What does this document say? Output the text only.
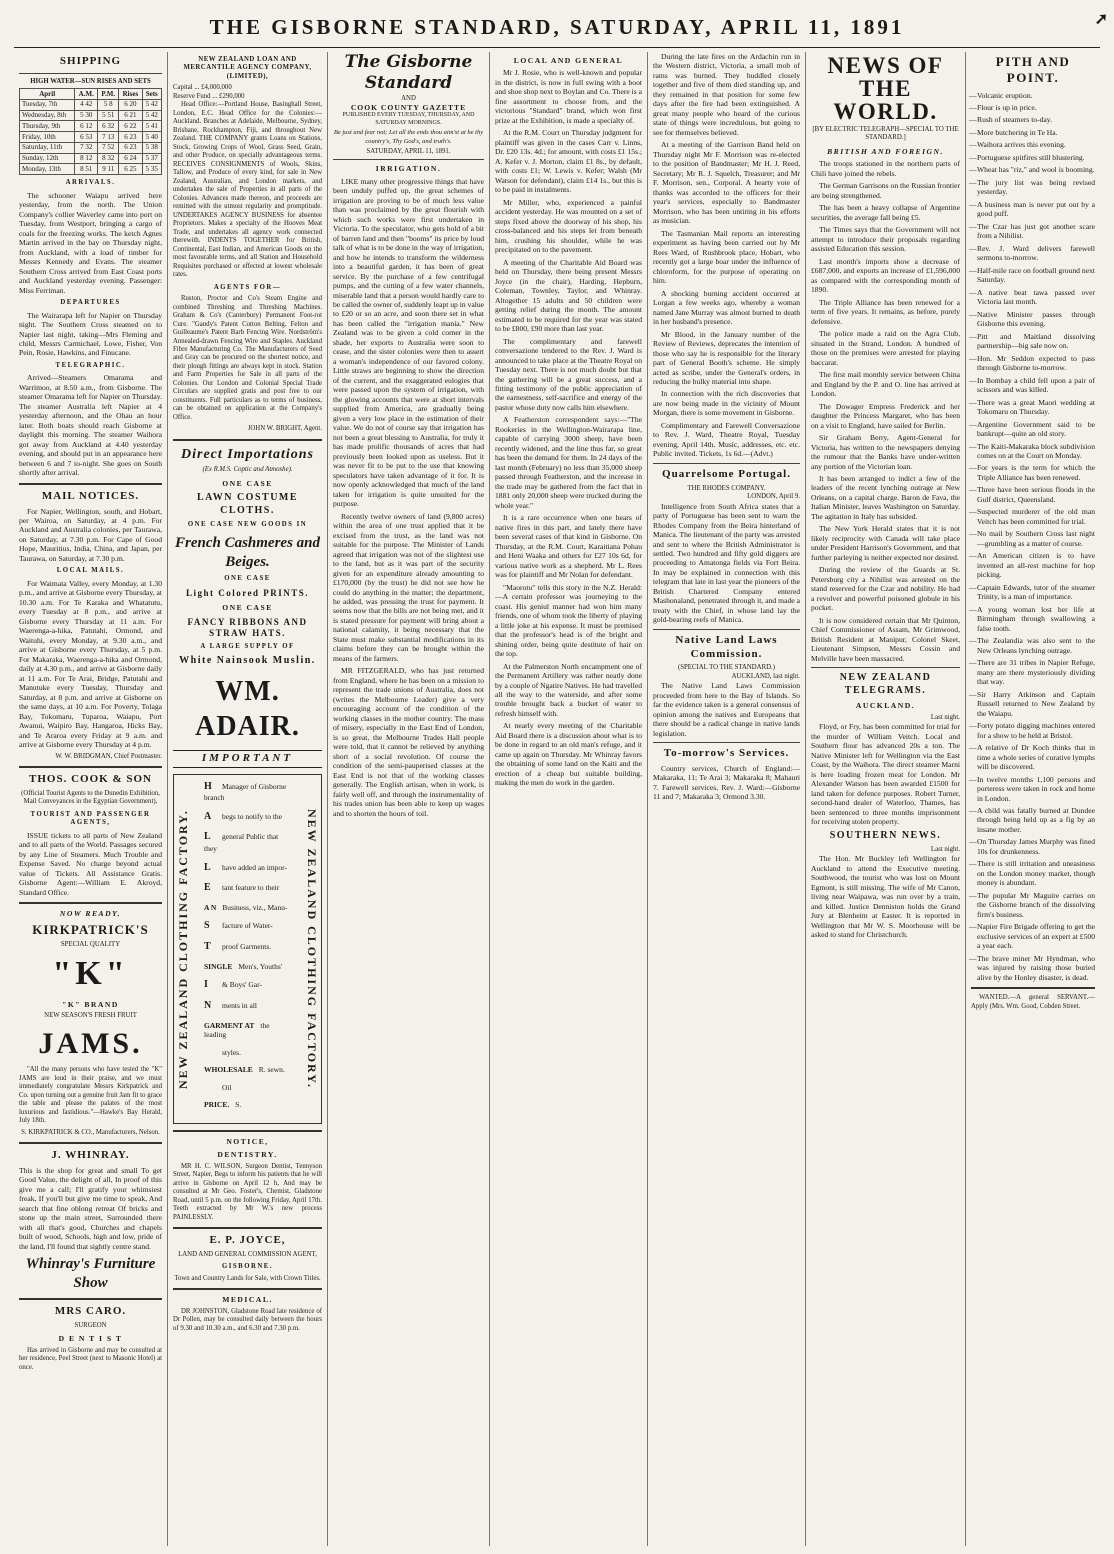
THE GISBORNE STANDARD, SATURDAY, APRIL 11, 1891	➚
SHIPPING
HIGH WATER—SUN RISES AND SETS
April	A.M.	P.M.	Rises	Sets
Tuesday, 7th	4 42	5 8	6 20	5 42
Wednesday, 8th	5 30	5 51	6 21	5 42
Thursday, 9th	6 12	6 32	6 22	5 41
Friday, 10th	6 53	7 13	6 23	5 40
Saturday, 11th	7 32	7 52	6 23	5 38
Sunday, 12th	8 12	8 32	6 24	5 37
Monday, 13th	8 51	9 11	6 25	5 35
ARRIVALS.

The schooner Waiapu arrived here yesterday, from the north. The Union Company's collier Waverley came into port on Tuesday, from Westport, bringing a cargo of coals for the freezing works. The ketch Agnes Martin arrived in the bay on Thursday night, from Auckland, with a load of timber for Messrs Kennedy and Evans. The steamer Southern Cross arrived from East Coast ports and Auckland yesterday evening. Passenger: Miss Ferriman.

DEPARTURES

The Wairarapa left for Napier on Thursday night. The Southern Cross steamed on to Napier last night, taking—Mrs Fleming and child, Messrs Carmichael, Lowe, Fisher, Von Pein, Rosie, Hawkins, and Finucane.

TELEGRAPHIC.

Arrived—Steamers Omarama and Warrimoo, at 8.50 a.m., from Gisborne. The steamer Omarama left for Napier on Thursday. The steamer Australia left Napier at 4 yesterday afternoon, and the Ohau an hour later. Both boats should reach Gisborne at daylight this morning. The steamer Waihora got away from Auckland at 4.40 yesterday evening, and should put in an appearance here between 6 and 7 to-night. She goes on South shortly after arrival.

MAIL NOTICES.

For Napier, Wellington, south, and Hobart, per Wairoa, on Saturday, at 4 p.m. For Auckland and Australia colonies, per Taurawa, on Saturday, at 7.30 p.m. For Cape of Good Hope, Mauritius, India, China, and Japan, per Taurawa, on Saturday, at 7.30 p.m.

LOCAL MAILS.

For Waimata Valley, every Monday, at 1.30 p.m., and arrive at Gisborne every Thursday, at 10.30 a.m. For Te Karaka and Whatatutu, every Tuesday at 8 p.m., and arrive at Gisborne every Thursday at 11 a.m. For Waerenga-a-hika, Patutahi, Ormond, and Waituhi, every Monday, at 9.30 a.m., and arrive at Gisborne every Thursday, at 5 p.m. For Makaraka, Waerenga-a-hika and Ormond, daily at 4.30 p.m., and arrive at Gisborne daily at 11 a.m. For Te Arai, Bridge, Patutahi and Manutuke every Tuesday, Thursday and Saturday, at 8 p.m. and arrive at Gisborne on the same days, at 10 a.m. For Poverty, Tolaga Bay, Tokomaru, Tuparoa, Waiapu, Port Awanui, Waipiro Bay, Hangaroa, Hicks Bay, and Te Araroa every Friday at 9 a.m. and arrive at Gisborne every Thursday at 4 p.m.

W. W. BRIDGMAN, Chief Postmaster.
THOS. COOK & SON
(Official Tourist Agents to the Dunedin Exhibition, Mail Conveyances in the Egyptian Government),
TOURIST AND PASSENGER AGENTS,

ISSUE tickets to all parts of New Zealand and to all parts of the World. Passages secured by any Line of Steamers. Much Trouble and Expense Saved. No charge beyond actual value of Tickets. All Assistance Gratis. Gisborne Agent:—William E. Akroyd, Standard Office.

NOW READY.
KIRKPATRICK'S
SPECIAL QUALITY
"K"
"K" BRAND
NEW SEASON'S FRESH FRUIT
JAMS.

"All the many persons who have tested the "K" JAMS are loud in their praise, and we must immediately congratulate Messrs Kirkpatrick and Co. upon turning out a genuine fruit Jam fit to grace the table and please the palates of the most luxurious and fastidious."—Hawke's Bay Herald, July 18th.

S. KIRKPATRICK & CO., Manufacturers, Nelson.
J. WHINRAY.

This is the shop for great and small To get Good Value, the delight of all, In proof of this give me a call; I'll gratify your whimsiest freak, If you'll but give me time to speak, And search that fine oblong retreat Of bricks and stone up the main street, Surrounded there with all that's good, Churches and chapels built of wood, Schools, high and low, pride of the land, I'll found that sightly centre stand.

Whinray's Furniture Show
MRS CARO.
SURGEON
D E N T I S T

Has arrived in Gisborne and may be consulted at her residence, Peel Street (next to Masonic Hotel) at once.

NEW ZEALAND LOAN AND MERCANTILE AGENCY COMPANY, (LIMITED),
Capital ... £4,000,000
Reserve Fund ... £290,000

Head Office:—Portland House, Basinghall Street, London, E.C. Head Office for the Colonies:—Auckland. Branches at Adelaide, Melbourne, Sydney, Brisbane, Rockhampton, Fiji, and throughout New Zealand. THE COMPANY grants Loans on Stations, Stock, Growing Crops of Wool, Grass Seed, Grain, and other Produce, on specially advantageous terms. RECEIVES CONSIGNMENTS of Wools, Skins, Tallow, and Produce of every kind, for sale in New Zealand, Australian, and London markets, and undertakes the sale of Properties in all parts of the Colonies. Advances made thereon, and proceeds are remitted with the utmost regularity and promptitude. UNDERTAKES AGENCY BUSINESS for absentee Proprietors. Makes a specialty of the Hooves Meat Trade, and undertakes all agency work connected therewith. INDENTS TOGETHER for British, Continental, East Indian, and American Goods on the most favourable terms, and all Station and Household Requisites purchased or effected at lowest wholesale rates.

AGENTS FOR—

Ruston, Proctor and Co's Steam Engine and combined Threshing and Threshing Machines. Graham & Co's (Canterbury) Permanent Foot-rot Cure. "Gandy's Patent Cotton Belting. Felton and Guilleaume's Patent Barb Fencing Wire. Nordström's Annealed-drawn Fencing Wire and Staples. Auckland Fibre Manufacturing Co. The Manufacturers of Seed and Gray can be procured on the shortest notice, and their plough fittings are always kept in stock. Station and Farm Properties for Sale in all parts of the Colonies. Our London and Colonial Special Trade Circulars are supplied gratis and post free to our constituents. Full particulars as to terms of business, can be obtained on application at the Company's Office.

JOHN W. BRIGHT, Agent.
Direct Importations
(Ex R.M.S. Coptic and Atmoshe).
ONE CASE
LAWN COSTUME CLOTHS.
ONE CASE NEW GOODS IN
French Cashmeres and Beiges.
ONE CASE
Light Colored PRINTS.
ONE CASE
FANCY RIBBONS AND STRAW HATS.
A LARGE SUPPLY OF
White Nainsook Muslin.
WM. ADAIR.
IMPORTANT
NEW ZEALAND CLOTHING FACTORY.	NEW ZEALAND CLOTHING FACTORY.
H Manager of Gisborne branch
A begs to notify to the
L general Public that they
L have added an impor-
E tant feature to their
A N Business, viz., Manu-
S facture of Water-
T proof Garments.
SINGLE Men's, Youths'
I & Boys' Gar-
N ments in all
GARMENT AT the leading
styles.
WHOLESALE R. sewn.
Oil
PRICE. S.
NOTICE,
DENTISTRY.

MR H. C. WILSON, Surgeon Dentist, Tennyson Street, Napier, Begs to inform his patients that he will arrive in Gisborne on April 12 h, And may be consulted at Mr Geo. Foster's, Chemist, Gladstone Road, until 5 p.m. on the following Friday, April 17th. Teeth extracted by Mr W.'s new process PAINLESSLY.

E. P. JOYCE,
LAND AND GENERAL COMMISSION AGENT,
GISBORNE.
Town and Country Lands for Sale, with Crown Titles.
MEDICAL.

DR JOHNSTON, Gladstone Road late residence of Dr Pollen, may be consulted daily between the hours of 9.30 and 10.30 a.m., and 6.30 and 7.30 p.m.

The Gisborne Standard
AND
COOK COUNTY GAZETTE
PUBLISHED EVERY TUESDAY, THURSDAY, AND SATURDAY MORNINGS.
Be just and fear not; Let all the ends thou aim'st at be thy country's, Thy God's, and truth's.
SATURDAY, APRIL 11, 1891.
IRRIGATION.

LIKE many other progressive things that have been unduly puffed up, the great schemes of irrigation are proving to be of much less value than was proclaimed by the great flourish with which such works were first undertaken in Victoria. To the speculator, who gets hold of a bit of barren land and then "booms" its price by loud talk of what is to be done in the way of irrigation, and how he intends to transform the wilderness into a beautiful garden, it has been of great service. By the purchase of a few centrifugal pumps, and the cutting of a few water channels, miserable land that a person would hardly care to be called the owner of, suddenly leapt up in value to £20 or so an acre, and soon there set in what has been called the "irrigation mania." New Zealand was to be given a cold corner in the shade, her exports to Australia were soon to cease, and the sister colonies were then to assert a woman's independence of our favored colony. Little straws are beginning to show the direction of the current, and the exaggerated eulogies that were passed upon the system of irrigation, with the glowing accounts that were at short intervals supplied from America, are gradually being given a very low place in the estimation of their value. We do not of course say that irrigation has not been a great blessing to Australia, for truly it has made prolific thousands of acres that had previously been looked upon as useless. But it was never fit to be put to the use that knowing speculators have taken advantage of it for. It is now openly acknowledged that much of the land taken for irrigation is quite unsuited for the purpose.

Recently twelve owners of land (9,800 acres) within the area of one trust applied that it be excised from the trust, as the land was not suitable for the purpose. The Minister of Lands agreed that irrigation was not of the slightest use to the land, but as it was part of the security given for an expenditure already amounting to £170,000 (by the trust) he did not see how he could do anything in the matter; the department, he added, was pressing the trust for payment. It seems now that the bills are not being met, and it is stated pressure for payment will bring about a national calamity, it being necessary that the State must make substantial modifications in its claims before they can be brought within the means of the farmers.

MR FITZGERALD, who has just returned from England, where he has been on a mission to represent the trade unions of Australia, does not (writes the Melbourne Leader) give a very encouraging account of the condition of the working classes in the mother country. The mass of misery, especially in the East End of London, is so great, the Melbourne Trades Hall people were told, that it cannot be relieved by anything short of a social revolution. Of course the condition of the semi-pauperised classes at the East End is not that of the working classes generally. The English artisan, when in work, is fairly well off, and through the instrumentality of his trades union has been able to keep up wages and to shorten the hours of toil.

LOCAL AND GENERAL

Mr J. Rosie, who is well-known and popular in the district, is now in full swing with a boot and shoe shop next to Boylan and Co. There is a fine assortment to choose from, and the victorious "Standard" brand, which won first prize at the Exhibition, is made a specialty of.

At the R.M. Court on Thursday judgment for plaintiff was given in the cases Carr v. Linns, Dr. £20 13s. 4d.; for amount, with costs £1 15s.; A. Kefer v. J. Morton, claim £1 8s., by default, with costs £1; W. Lewis v. Kefer; Walsh (Mr Watson for defendant), claim £14 1s., but this is to be paid in instalments.

Mr Miller, who, experienced a painful accident yesterday. He was mounted on a set of steps fixed above the doorway of his shop, his cross-balanced and his steps let from beneath him, crushing his shoulder, while he was precipitated on to the pavement.

A meeting of the Charitable Aid Board was held on Thursday, there being present Messrs Joyce (in the chair), Harding, Hepburn, Coleman, Townley, Taylor, and Whinray. Altogether 15 adults and 50 children were getting relief during the month. The amount estimated to be required for the year was stated to be £800, £90 more than last year.

The complimentary and farewell conversazione tendered to the Rev. J. Ward is announced to take place at the Theatre Royal on Tuesday next. There is not much doubt but that the gathering will be a great success, and a fitting testimony of the public appreciation of the earnestness, self-sacrifice and energy of the pastor whose duty now calls him elsewhere.

A Featherston correspondent says:—"The Rookeries in the Wellington-Wairarapa line, capable of carrying 3000 sheep, have been recently widened, and the line thus far, so great has been the demand for them. In 24 days of the last month (February) no less than 35,000 sheep passed through Featherston, and the increase in the trade may be gathered from the fact that in 1881 only 20,000 sheep were trucked during the whole year."

It is a rare occurrence when one hears of native fires in this part, and lately there have been several cases of that kind in Gisborne. On Thursday, at the R.M. Court, Karaitiana Pohau and Heni Waaka and others for £27 10s 6d, for various native work as a shepherd. Mr L. Rees was for plaintiff and Mr Nolan for defendant.

"Maorotu" tells this story in the N.Z. Herald:—A certain professor was journeying to the coast. His geniul manner had won him many friends, one of whom took the liberty of playing a little joke at his expense. It must be premised that the professor's head is of the bright and shining order, being quite destitute of hair on the top.

At the Palmerston North encampment one of the Permanent Artillery was rather neatly done by a couple of Ngatire Natives. He had travelled all the way to the waterside, and after some trouble brought back a bucket of water to refresh himself with.

At nearly every meeting of the Charitable Aid Board there is a discussion about what is to be done in regard to an old man's refuge, and it came up again on Thursday. Mr Whinray favors the obtaining of some land on the Kaiti and the erection of a cheap but suitable building, making the men do work in the garden.

During the late fires on the Ardachin run in the Western district, Victoria, a small mob of rams was burned. They huddled closely together and five of them died standing up, and they remained in that position for some few days after the fire had been extinguished. A great many people who heard of the curious state of things were incredulous, but going to see for themselves believed.

At a meeting of the Garrison Band held on Thursday night Mr F. Morrison was re-elected to the position of Bandmaster; Mr H. J. Reed, Secretary; Mr R. J. Squelch, Treasurer; and Mr F. Morrison, sen., Corporal. A hearty vote of thanks was accorded to the officers for their year's services, especially to Bandmaster Morrison, who has been untiring in his efforts as musician.

The Tasmanian Mail reports an interesting experiment as having been carried out by Mr Rees Ward, of Rushbrook place, Hobart, who recently got a large boar under the influence of chloroform, for the purpose of operating on him.

A shocking burning accident occurred at Lorgan a few weeks ago, whereby a woman named Jane Murray was almost burned to death in her husband's presence.

Mr Blood, in the January number of the Review of Reviews, deprecates the intention of those who say he is responsible for the literary part of General Booth's scheme. He simply acted as scribe, under the General's orders, in reducing the bulky material into shape.

In connection with the rich discoveries that are now being made in the vicinity of Mount Morgan, there is some movement in Gisborne.

Complimentary and Farewell Conversazione to Rev. J. Ward, Theatre Royal, Tuesday evening, April 14th. Music, addresses, etc. etc. Public invited. Tickets, 1s 6d.—(Advt.)

Quarrelsome Portugal.
THE RHODES COMPANY.
LONDON, April 9.

Intelligence from South Africa states that a party of Portuguese has been sent to warn the Rhodes Company from the Beira hinterland of Manica. The lieutenant of the party was arrested and sent to where the British Administrator is settled. Two hundred and fifty gold diggers are proceeding to Amatonga fields via Fort Beira. In may be explained in connection with this telegram that late in last year the pioneers of the British Chartered Company entered Mashonaland, penetrated through it, and made a treaty with the Chief, in whose land lay the gold-bearing reefs of Manica.

Native Land Laws Commission.
(SPECIAL TO THE STANDARD.)
AUCKLAND, last night.

The Native Land Laws Commission proceeded from here to the Bay of Islands. So far the evidence taken is a general consensus of opinion among the natives and Europeans that there should be a radical change in native lands legislation.

To-morrow's Services.

Country services, Church of England:—Makaraka, 11; Te Arai 3; Makaraka 8; Mahauri 7. Farewell services, Rev. J. Ward:—Gisborne 11 and 7; Makaraka 3; Ormond 3.30.

NEWS OF THE WORLD.
[BY ELECTRIC TELEGRAPH—SPECIAL TO THE STANDARD.]
BRITISH AND FOREIGN.

The troops stationed in the northern parts of Chili have joined the rebels.

The German Garrisons on the Russian frontier are being strengthened.

The has been a heavy collapse of Argentine securities, the average fall being £5.

The Times says that the Government will not attempt to introduce their proposals regarding assisted Education this session.

Last month's imports show a decrease of £687,000, and exports an increase of £1,596,000 as compared with the corresponding month of 1890.

The Triple Alliance has been renewed for a term of five years. It remains, as before, purely defensive.

The police made a raid on the Agra Club, situated in the Strand, London. A hundred of those on the premises were arrested for playing baccarat.

The first mail monthly service between China and England by the P. and O. line has arrived at London.

The Dowager Empress Frederick and her daughter the Princess Margaret, who has been on a visit to England, have sailed for Berlin.

Sir Graham Berry, Agent-General for Victoria, has written to the newspapers denying the rumour that the Banks have under-written any portion of the Victorian loan.

It has been arranged to indict a few of the leaders of the recent lynching outrage at New Orleans, on a capital charge. Baron de Fava, the Italian Minister, leaves Washington on Saturday. The agitation in Italy has subsided.

The New York Herald states that it is not likely reciprocity with Canada will take place under President Harrison's Government, and that further parleying is neither expected nor desired.

During the review of the Guards at St. Petersburg city a Nihilist was arrested on the stand reserved for the Czar and nobility. He had a revolver and powerful poisoned globule in his pocket.

It is now considered certain that Mr Quinton, Chief Commissioner of Assam, Mr Grimwood, British Resident at Manipur, Colonel Skeet, Lieutenant Simpson, Messrs Cossin and Melville have been massacred.

NEW ZEALAND TELEGRAMS.
AUCKLAND.
Last night.

Floyd, or Fry, has been committed for trial for the murder of William Veitch. Local and Southern flour has advanced 20s a ton. The Native Minister left for Wellington via the East Coast, by the Waihora. The direct steamer Marni is here loading frozen meat for London. Mr Alexander Watson has been awarded £1500 for land taken for defence purposes. Robert Turner, second-hand dealer of Waterloo, Thames, has been sentenced to three months imprisonment for receiving stolen property.

SOUTHERN NEWS.
Last night.

The Hon. Mr Buckley left Wellington for Auckland to attend the Executive meeting. Southwood, the tourist who was lost on Mount Egmont, is still missing. The wife of Mr Canon, living near Waipawa, was run over by a train, and killed. Justice Denniston holds the Grand Jury at Blenheim at Easter. It is reported in Wellington that Mr W. S. Moorhouse will be asked to stand for Christchurch.

PITH AND POINT.

— Volcanic eruption.

— Flour is up in price.

— Rush of steamers to-day.

— More butchering in Te Ha.

— Waihora arrives this evening.

— Portuguese spitfires still blustering.

— Wheat has "riz," and wool is booming.

— The jury list was being revised yesterday.

— A business man is never put out by a good puff.

— The Czar has just got another scare from a Nihilist.

— Rev. J. Ward delivers farewell sermons to-morrow.

— Half-mile race on football ground next Saturday.

— A native beat tawa passed over Victoria last month.

— Native Minister passes through Gisborne this evening.

— Pitt and Maitland dissolving partnership—big sale now on.

— Hon. Mr Seddon expected to pass through Gisborne to-morrow.

— In Bombay a child fell upon a pair of scissors and was killed.

— There was a great Maori wedding at Tokomaru on Thursday.

— Argentine Government said to be bankrupt—quite an old story.

— The Kaiti-Makaraka block subdivision comes on at the Court on Monday.

— For years is the term for which the Triple Alliance has been renewed.

— Three have been serious floods in the Gulf district, Queensland.

— Suspected murderer of the old man Veitch has been committed for trial.

— No mail by Southern Cross last night—grumbling as a matter of course.

— An American citizen is to have invented an all-rest machine for hop picking.

— Captain Edwards, tutor of the steamer Trinity, is a man of importance.

— A young woman lost her life at Birmingham through swallowing a false tooth.

— The Zealandia was also sent to the New Orleans lynching outrage.

— There are 31 tribes in Napier Refuge, many are there mysteriously dividing that way.

— Sir Harry Atkinson and Captain Russell returned to New Zealand by the Waiapu.

— Forty potato digging machines entered for a show to be held at Bristol.

— A relative of Dr Koch thinks that in time a whole series of curative lymphs will be discovered.

— In twelve months 1,100 persons and porteress were taken in rock and home in London.

— A child was fatally burned at Dundee through being held up as a fig by an insane mother.

— On Thursday James Murphy was fined 10s for drunkenness.

— There is still irritation and uneasiness on the London money market, though money is abundant.

— The popular Mr Maguire carries on the Gisborne branch of the dissolving firm's business.

— Napier Fire Brigade offering to get the exclusive services of an expert at £500 a year each.

— The brave miner Mr Hyndman, who was injured by raising those buried alive by the Honley disaster, is dead.

WANTED.—A general SERVANT.—Apply (Mrs. Wm. Good, Cobden Street.
